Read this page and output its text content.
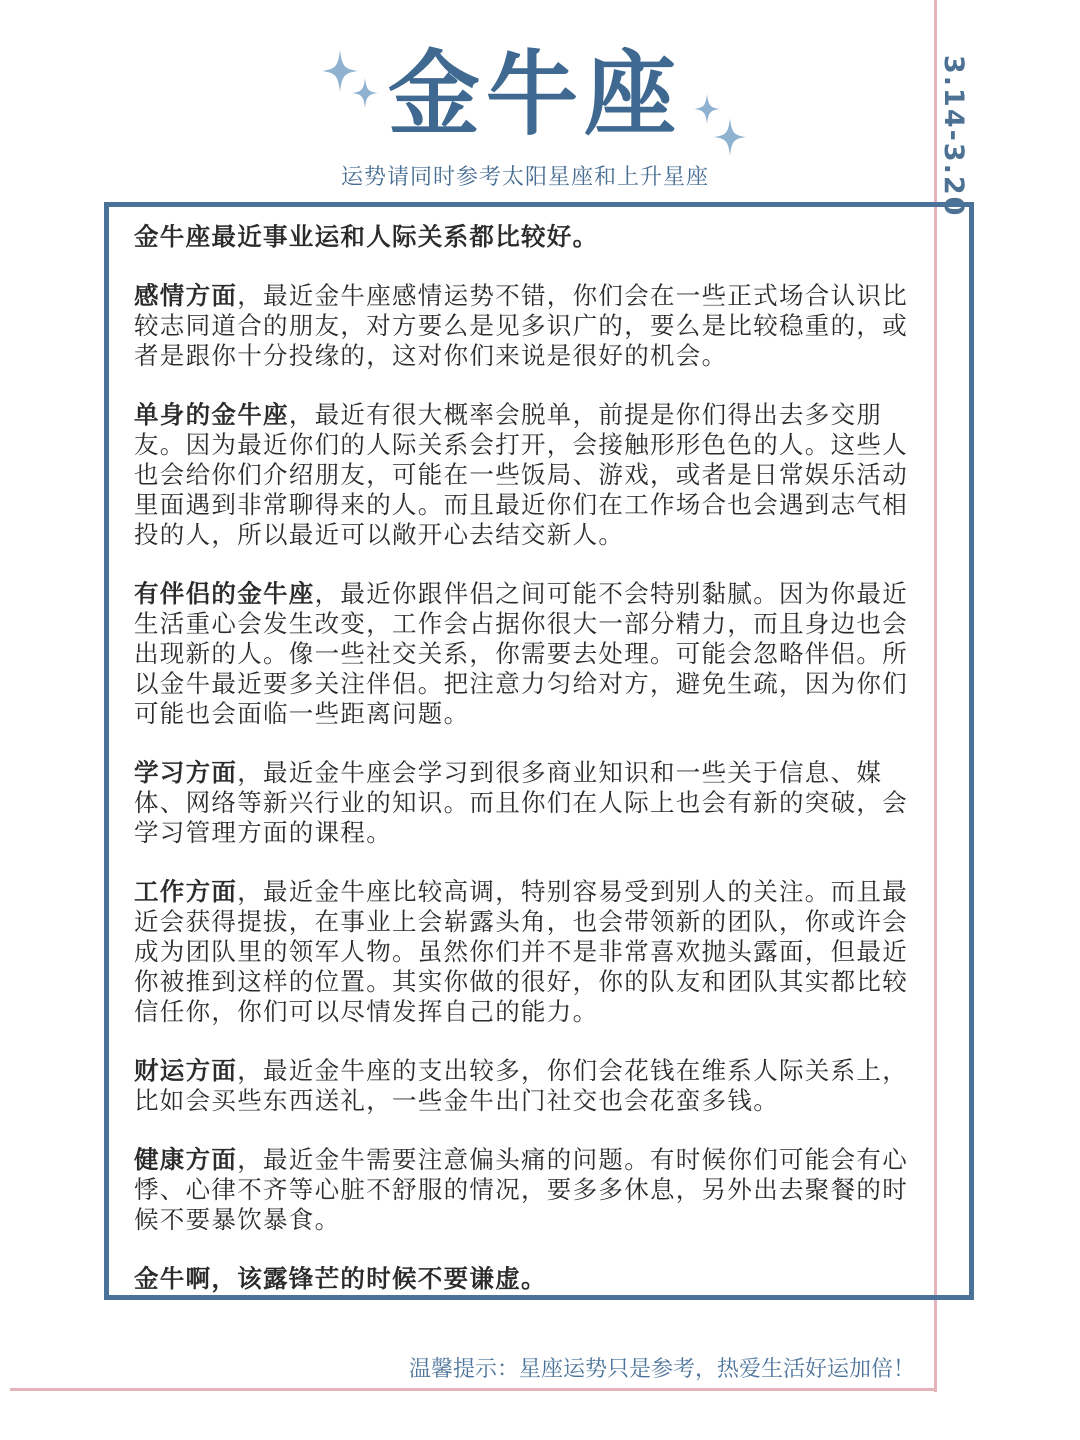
3.14-3.20
金牛座
运势请同时参考太阳星座和上升星座

金牛座最近事业运和人际关系都比较好。

感情方面，最近金牛座感情运势不错，你们会在一些正式场合认识比较志同道合的朋友，对方要么是见多识广的，要么是比较稳重的，或者是跟你十分投缘的，这对你们来说是很好的机会。

单身的金牛座，最近有很大概率会脱单，前提是你们得出去多交朋友。因为最近你们的人际关系会打开，会接触形形色色的人。这些人也会给你们介绍朋友，可能在一些饭局、游戏，或者是日常娱乐活动里面遇到非常聊得来的人。而且最近你们在工作场合也会遇到志气相投的人，所以最近可以敞开心去结交新人。

有伴侣的金牛座，最近你跟伴侣之间可能不会特别黏腻。因为你最近生活重心会发生改变，工作会占据你很大一部分精力，而且身边也会出现新的人。像一些社交关系，你需要去处理。可能会忽略伴侣。所以金牛最近要多关注伴侣。把注意力匀给对方，避免生疏，因为你们可能也会面临一些距离问题。

学习方面，最近金牛座会学习到很多商业知识和一些关于信息、媒体、网络等新兴行业的知识。而且你们在人际上也会有新的突破，会学习管理方面的课程。

工作方面，最近金牛座比较高调，特别容易受到别人的关注。而且最近会获得提拔，在事业上会崭露头角，也会带领新的团队，你或许会成为团队里的领军人物。虽然你们并不是非常喜欢抛头露面，但最近你被推到这样的位置。其实你做的很好，你的队友和团队其实都比较信任你，你们可以尽情发挥自己的能力。

财运方面，最近金牛座的支出较多，你们会花钱在维系人际关系上，比如会买些东西送礼，一些金牛出门社交也会花蛮多钱。

健康方面，最近金牛需要注意偏头痛的问题。有时候你们可能会有心悸、心律不齐等心脏不舒服的情况，要多多休息，另外出去聚餐的时候不要暴饮暴食。

金牛啊，该露锋芒的时候不要谦虚。

温馨提示：星座运势只是参考，热爱生活好运加倍！
